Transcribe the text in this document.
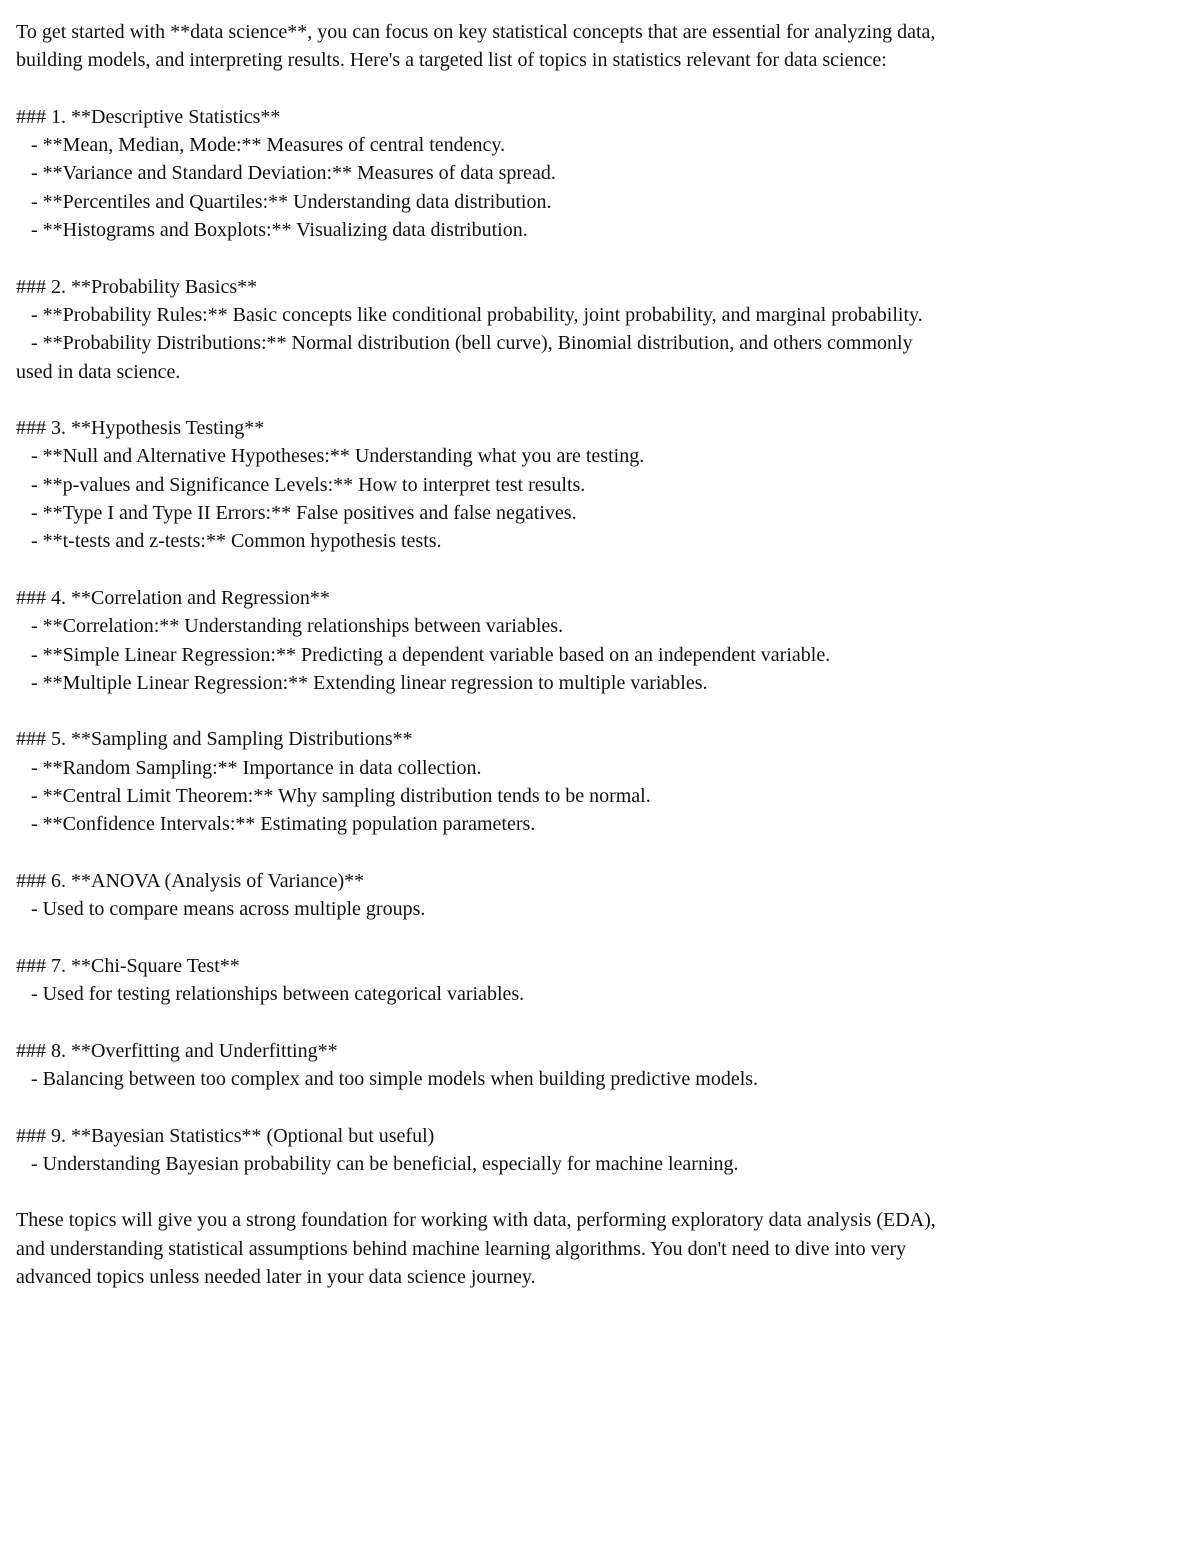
To get started with **data science**, you can focus on key statistical concepts that are essential for analyzing data,

building models, and interpreting results. Here's a targeted list of topics in statistics relevant for data science:

### 1. **Descriptive Statistics**

- **Mean, Median, Mode:** Measures of central tendency.

- **Variance and Standard Deviation:** Measures of data spread.

- **Percentiles and Quartiles:** Understanding data distribution.

- **Histograms and Boxplots:** Visualizing data distribution.

### 2. **Probability Basics**

- **Probability Rules:** Basic concepts like conditional probability, joint probability, and marginal probability.

- **Probability Distributions:** Normal distribution (bell curve), Binomial distribution, and others commonly

used in data science.

### 3. **Hypothesis Testing**

- **Null and Alternative Hypotheses:** Understanding what you are testing.

- **p-values and Significance Levels:** How to interpret test results.

- **Type I and Type II Errors:** False positives and false negatives.

- **t-tests and z-tests:** Common hypothesis tests.

### 4. **Correlation and Regression**

- **Correlation:** Understanding relationships between variables.

- **Simple Linear Regression:** Predicting a dependent variable based on an independent variable.

- **Multiple Linear Regression:** Extending linear regression to multiple variables.

### 5. **Sampling and Sampling Distributions**

- **Random Sampling:** Importance in data collection.

- **Central Limit Theorem:** Why sampling distribution tends to be normal.

- **Confidence Intervals:** Estimating population parameters.

### 6. **ANOVA (Analysis of Variance)**

- Used to compare means across multiple groups.

### 7. **Chi-Square Test**

- Used for testing relationships between categorical variables.

### 8. **Overfitting and Underfitting**

- Balancing between too complex and too simple models when building predictive models.

### 9. **Bayesian Statistics** (Optional but useful)

- Understanding Bayesian probability can be beneficial, especially for machine learning.

These topics will give you a strong foundation for working with data, performing exploratory data analysis (EDA),

and understanding statistical assumptions behind machine learning algorithms. You don't need to dive into very

advanced topics unless needed later in your data science journey.
